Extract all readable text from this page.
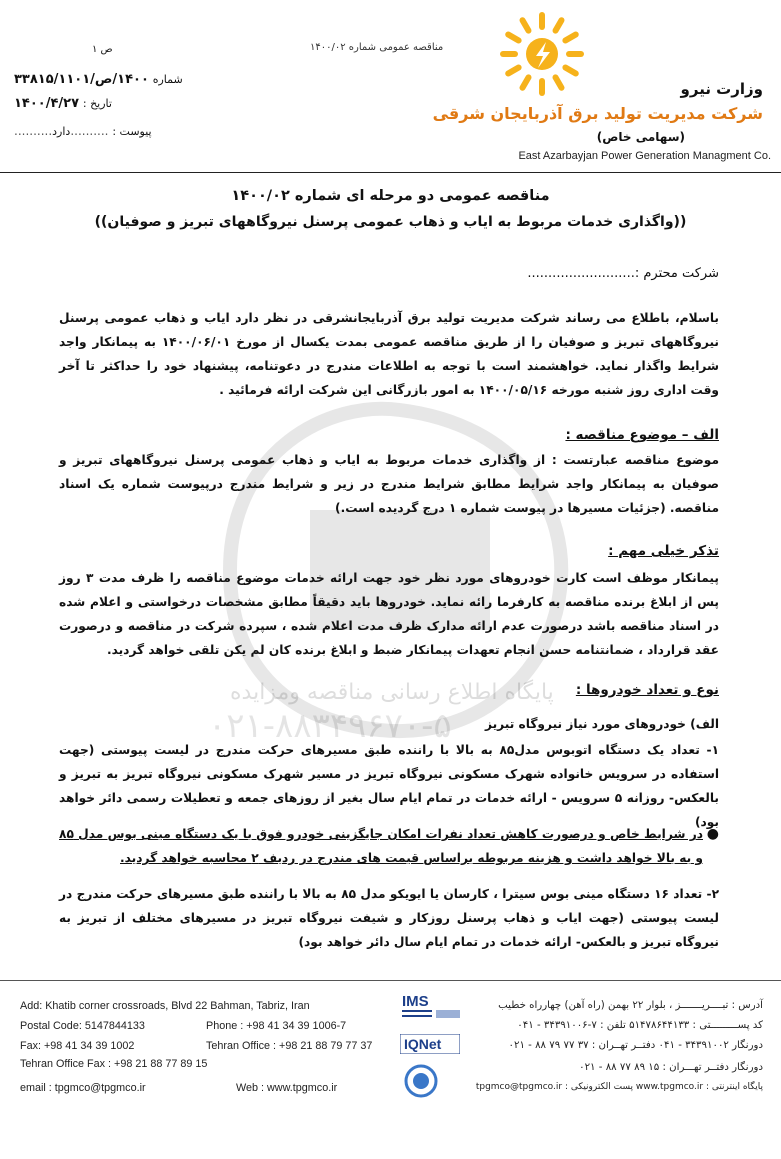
پایگاه اطلاع رسانی مناقصه ومزایده
۰۲۱-۸۸۳۴۹۶۷۰-۵
وزارت نیرو
شرکت مدیریت تولید برق آذربایجان شرقی
(سهامی خاص)
East Azarbayjan Power Generation Managment Co.
مناقصه عمومی شماره ۱۴۰۰/۰۲
ص ۱
شماره ۱۴۰۰/ص/۳۳۸۱۵/۱۱۰۱
تاریخ : ۱۴۰۰/۴/۲۷
پیوست : ..........دارد..........
مناقصه عمومی دو مرحله ای شماره ۱۴۰۰/۰۲
((واگذاری خدمات مربوط به ایاب و ذهاب عمومی پرسنل نیروگاههای تبریز و صوفیان))
شرکت محترم :..........................
باسلام، باطلاع می رساند شرکت مدیریت تولید برق آذربایجانشرقی در نظر دارد ایاب و ذهاب عمومی پرسنل نیروگاههای تبریز و صوفیان را از طریق مناقصه عمومی بمدت یکسال از مورخ ۱۴۰۰/۰۶/۰۱ به پیمانکار واجد شرایط واگذار نماید. خواهشمند است با توجه به اطلاعات مندرج در دعوتنامه، پیشنهاد خود را حداکثر تا آخر وقت اداری روز شنبه مورخه ۱۴۰۰/۰۵/۱۶ به امور بازرگانی این شرکت ارائه فرمائید .
الف – موضوع مناقصه :
موضوع مناقصه عبارتست : از واگذاری خدمات مربوط به ایاب و ذهاب عمومی پرسنل نیروگاههای تبریز و صوفیان به پیمانکار واجد شرایط مطابق شرایط مندرج در زیر و شرایط مندرج درپیوست شماره یک اسناد مناقصه. (جزئیات مسیرها در پیوست شماره ۱ درج گردیده است.)
تذکر خیلی مهم :
پیمانکار موظف است کارت خودروهای مورد نظر خود جهت ارائه خدمات موضوع مناقصه را ظرف مدت ۳ روز پس از ابلاغ برنده مناقصه به کارفرما رائه نماید. خودروها باید دقیقاً مطابق مشخصات درخواستی و اعلام شده در اسناد مناقصه باشد درصورت عدم ارائه مدارک ظرف مدت اعلام شده ، سپرده شرکت در مناقصه و درصورت عقد قرارداد ، ضمانتنامه حسن انجام تعهدات پیمانکار ضبط و ابلاغ برنده کان لم یکن تلقی خواهد گردید.
نوع و تعداد خودروها :
الف) خودروهای مورد نیاز نیروگاه تبریز
۱- تعداد یک دستگاه اتوبوس مدل۸۵ به بالا با راننده طبق مسیرهای حرکت مندرج در لیست پیوستی (جهت استفاده در سرویس خانواده شهرک مسکونی نیروگاه تبریز در مسیر شهرک مسکونی نیروگاه تبریز به تبریز و بالعکس- روزانه ۵ سرویس - ارائه خدمات در تمام ایام سال بغیر از روزهای جمعه و تعطیلات رسمی دائر خواهد بود)
●
در شرایط خاص و درصورت کاهش تعداد نفرات امکان جایگزینی خودرو فوق با یک دستگاه مینی بوس مدل ۸۵ و به بالا خواهد داشت و هزینه مربوطه براساس قیمت های مندرج در ردیف ۲ محاسبه خواهد گردید.
۲- تعداد ۱۶ دستگاه مینی بوس سیترا ، کارسان یا ایویکو مدل ۸۵ به بالا با راننده طبق مسیرهای حرکت مندرج در لیست پیوستی (جهت ایاب و ذهاب پرسنل روزکار و شیفت نیروگاه تبریز در مسیرهای مختلف از تبریز به نیروگاه تبریز و بالعکس- ارائه خدمات در تمام ایام سال دائر خواهد بود)
Add: Khatib corner crossroads, Blvd 22 Bahman, Tabriz, Iran
Postal Code: 5147844133	Phone : +98 41 34 39 1006-7
Fax: +98 41 34 39 1002	Tehran Office : +98 21 88 79 77 37
Tehran Office Fax : +98 21 88 77 89 15
email : tpgmco@tpgmco.ir	Web : www.tpgmco.ir
IMS
IQNet
آدرس : تبــــریـــــــز ، بلوار ۲۲ بهمن (راه آهن) چهارراه خطیب
کد پســـــــــتی : ۵۱۴۷۸۶۴۴۱۳۳ تلفن : ۷-۳۴۳۹۱۰۰۶ - ۰۴۱
دورنگار ۳۴۳۹۱۰۰۲ - ۰۴۱ دفتــر تهــران : ۳۷ ۷۷ ۷۹ ۸۸ - ۰۲۱
دورنگار دفتــر تهـــران : ۱۵ ۸۹ ۷۷ ۸۸ - ۰۲۱
پایگاه اینترنتی : www.tpgmco.ir پست الکترونیکی : tpgmco@tpgmco.ir
